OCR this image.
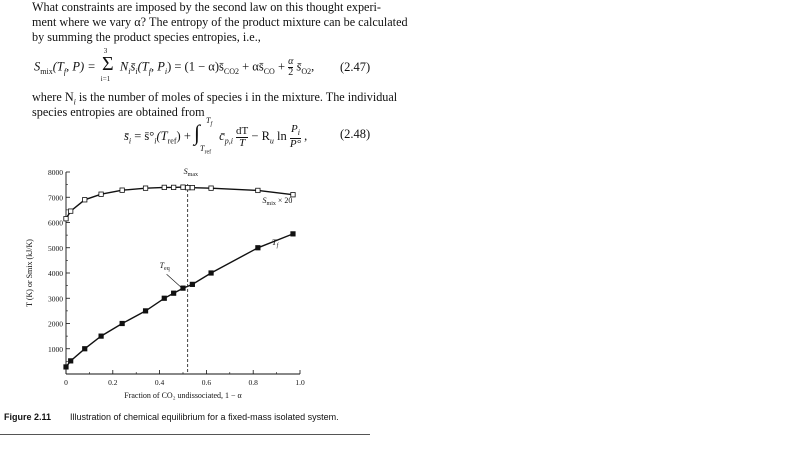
What constraints are imposed by the second law on this thought experi-
ment where we vary α? The entropy of the product mixture can be calculated
by summing the product species entropies, i.e.,
$S_{mix}(T_f$, P) =
3
Σ
i=1
$N_is̄_i(T_f$, $P_i) = (1$ − $\alpha)s̄_{CO2}$ + $\alpha s̄_{CO} + \frac{\alpha}{2}$ $s̄_{O2}$, (2.47)
where $N_i$ is the number of moles of species i in the mixture. The individual
species entropies are obtained from
$s̄_i$ = $s̄^\circ_i(T_{ref})$ + ∫ $T_f$
$T_{ref}$
$c̄_{p,i} \frac{dT}{T} - R_u$ $\ln \frac{P_i}{P^\circ}$ ,	(2.48)
1000
2000
3000
4000
5000
6000
7000
8000
0	0.2	0.4	0.6	0.8	1.0
Fraction of CO₂ undissociated, 1 − α
T (K) or Smix (kJ/K)
$S_{max}$
$T_{eq}$
$S_{mix} \times 20$
$T_f$
Figure 2.11 Illustration of chemical equilibrium for a fixed-mass isolated system.
